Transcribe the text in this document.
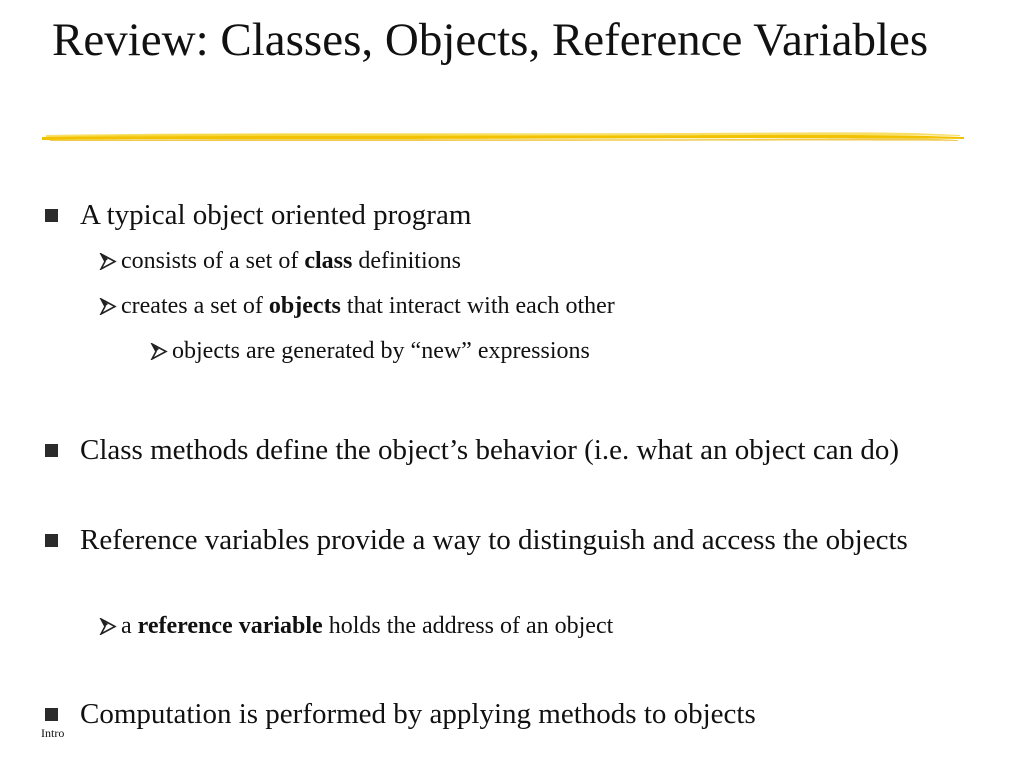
Review: Classes, Objects, Reference Variables
A typical object oriented program
consists of a set of class definitions
creates a set of objects that interact with each other
objects are generated by “new” expressions
Class methods define the object’s behavior (i.e. what an object can do)
Reference variables provide a way to distinguish and access the objects
a reference variable holds the address of an object
Computation is performed by applying methods to objects
Intro
